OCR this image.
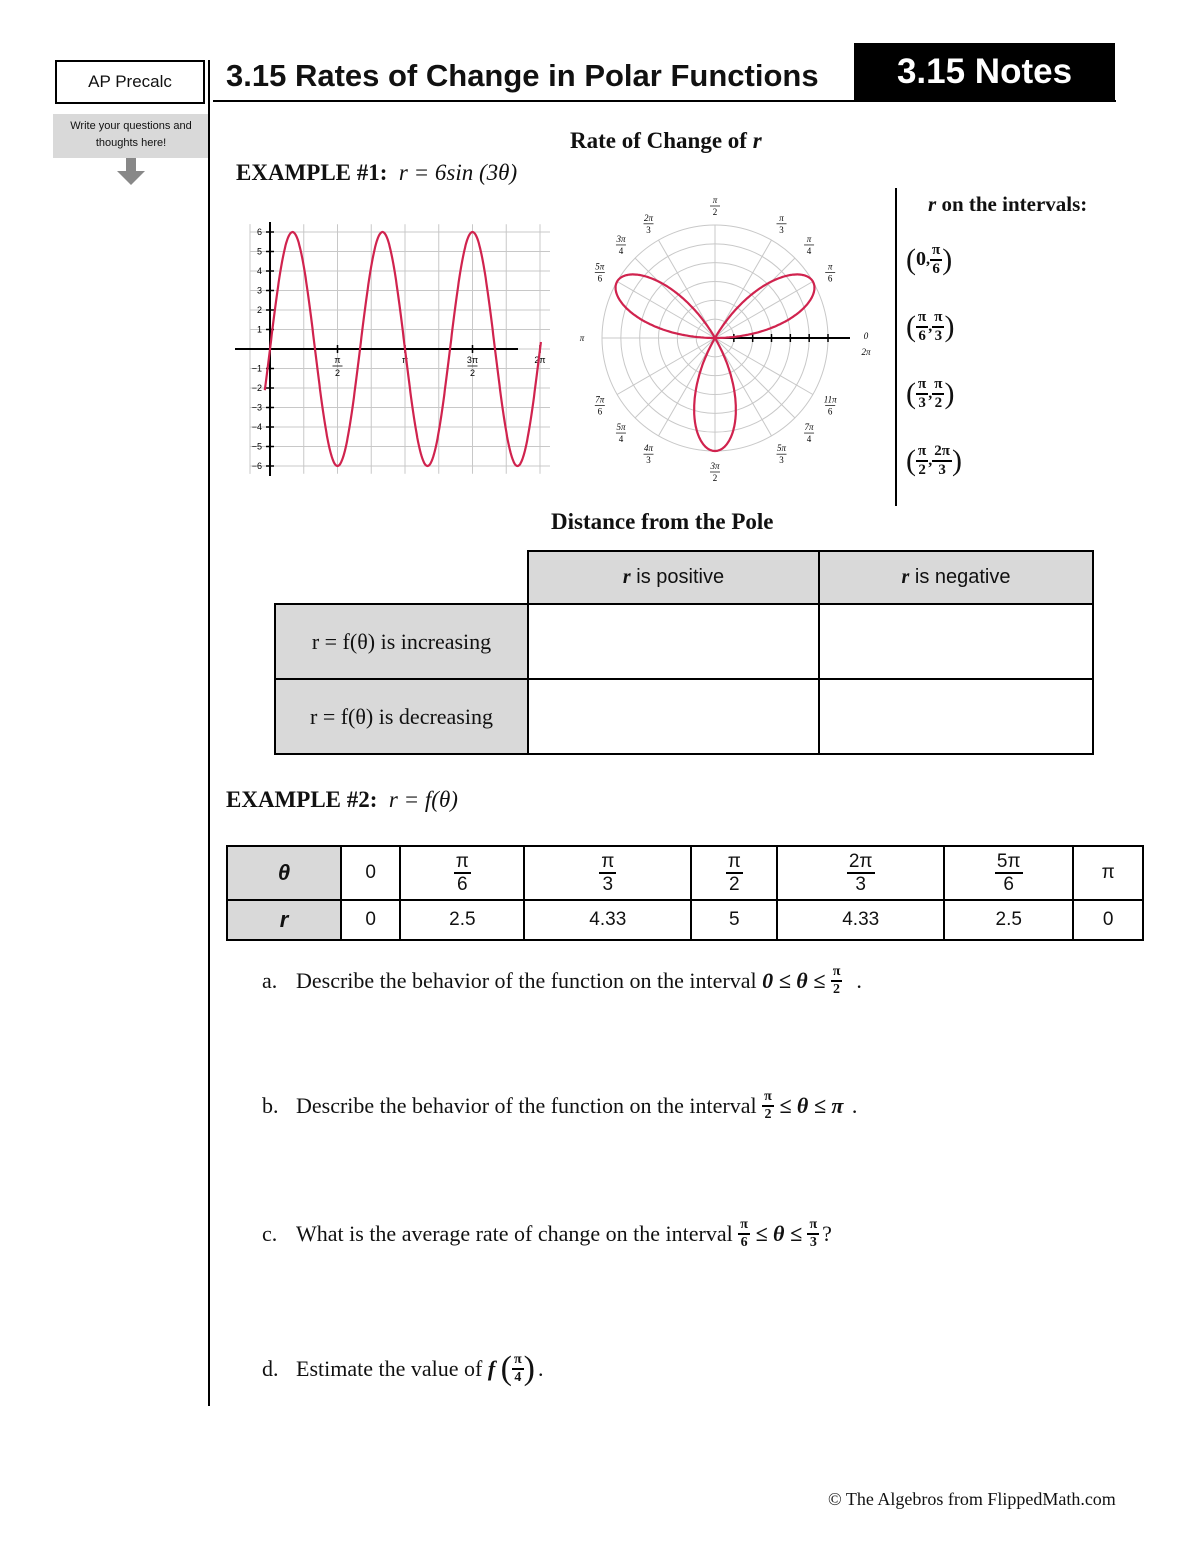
AP Precalc
Write your questions and thoughts here!
3.15 Rates of Change in Polar Functions	3.15 Notes
Rate of Change of r
EXAMPLE #1: r = 6sin (3θ)
6
5
4
3
2
1
−1
−2
−3
−4
−5
−6
π
2
π	3π
2
2π
π
2
2π
3
π
3
3π
4
π
4
5π
6
π
6
π	0
2π
7π
6
11π
6
5π
4
7π
4
4π
3
5π
3
3π
2
r on the intervals:
( 0 , $\frac{\pi}{6}$ )
( $\frac{\pi}{6}$ , $\frac{\pi}{3}$ )
( $\frac{\pi}{3}$ , $\frac{\pi}{2}$ )
( $\frac{\pi}{2}$ , $\frac{2\pi}{3}$ )
Distance from the Pole
	r is positive	r is negative
r = f(θ) is increasing		
r = f(θ) is decreasing		
EXAMPLE #2: r = f(θ)
θ	0	$\frac{\pi}{6}$	$\frac{\pi}{3}$	$\frac{\pi}{2}$	$\frac{2\pi}{3}$	$\frac{5\pi}{6}$	π
r	0	2.5	4.33	5	4.33	2.5	0
a. Describe the behavior of the function on the interval $0 \le \theta \le \frac{\pi}{2}$
.
b. Describe the behavior of the function on the interval $\frac{\pi}{2} \le \theta \le \pi$ .
c. What is the average rate of change on the interval $\frac{\pi}{6} \le \theta \le \frac{\pi}{3}$ ?
d. Estimate the value of f ( $\frac{\pi}{4}$ ) .
© The Algebros from FlippedMath.com
